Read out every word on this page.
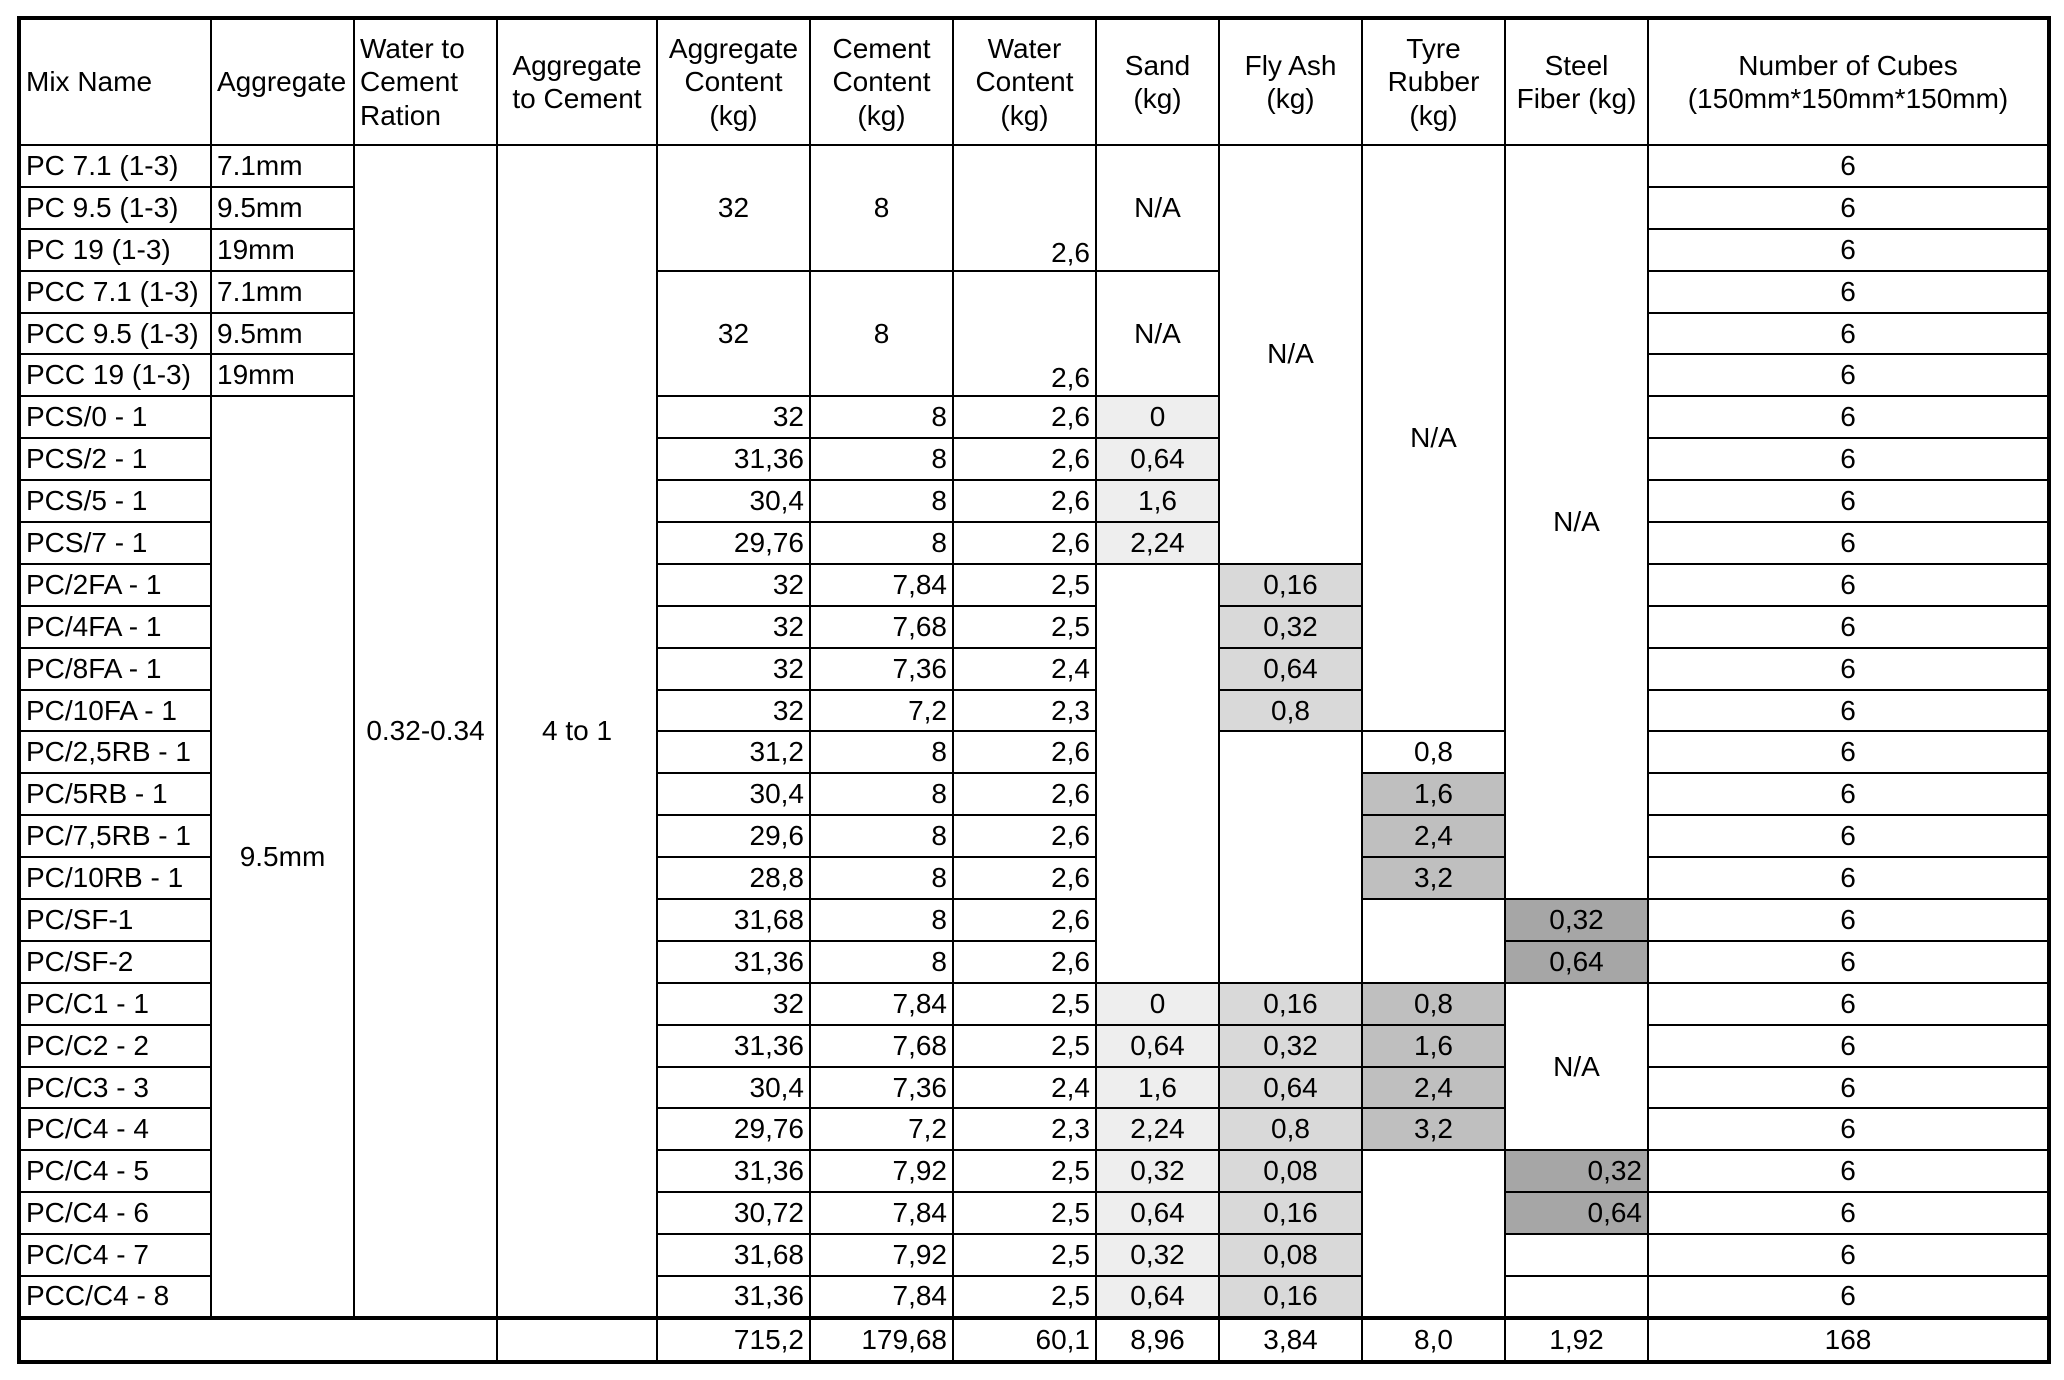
Mix Name	Aggregate	Water to Cement Ration	Aggregate to Cement	Aggregate Content (kg)	Cement Content (kg)	Water Content (kg)	Sand (kg)	Fly Ash (kg)	Tyre Rubber (kg)	Steel Fiber (kg)	Number of Cubes (150mm*150mm*150mm)
PC 7.1 (1-3)	7.1mm	0.32-0.34	4 to 1	32	8	2,6	N/A	N/A	N/A	N/A	6
PC 9.5 (1-3)	9.5mm										6
PC 19 (1-3)	19mm										6
PCC 7.1 (1-3)	7.1mm			32	8	2,6	N/A				6
PCC 9.5 (1-3)	9.5mm										6
PCC 19 (1-3)	19mm										6
PCS/0 - 1	9.5mm			32	8	2,6	0				6
PCS/2 - 1				31,36	8	2,6	0,64				6
PCS/5 - 1				30,4	8	2,6	1,6				6
PCS/7 - 1				29,76	8	2,6	2,24				6
PC/2FA - 1				32	7,84	2,5		0,16			6
PC/4FA - 1				32	7,68	2,5		0,32			6
PC/8FA - 1				32	7,36	2,4		0,64			6
PC/10FA - 1				32	7,2	2,3		0,8			6
PC/2,5RB - 1				31,2	8	2,6			0,8		6
PC/5RB - 1				30,4	8	2,6			1,6		6
PC/7,5RB - 1				29,6	8	2,6			2,4		6
PC/10RB - 1				28,8	8	2,6			3,2		6
PC/SF-1				31,68	8	2,6				0,32	6
PC/SF-2				31,36	8	2,6				0,64	6
PC/C1 - 1				32	7,84	2,5	0	0,16	0,8	N/A	6
PC/C2 - 2				31,36	7,68	2,5	0,64	0,32	1,6		6
PC/C3 - 3				30,4	7,36	2,4	1,6	0,64	2,4		6
PC/C4 - 4				29,76	7,2	2,3	2,24	0,8	3,2		6
PC/C4 - 5				31,36	7,92	2,5	0,32	0,08		0,32	6
PC/C4 - 6				30,72	7,84	2,5	0,64	0,16		0,64	6
PC/C4 - 7				31,68	7,92	2,5	0,32	0,08			6
PCC/C4 - 8				31,36	7,84	2,5	0,64	0,16			6
				715,2	179,68	60,1	8,96	3,84	8,0	1,92	168
